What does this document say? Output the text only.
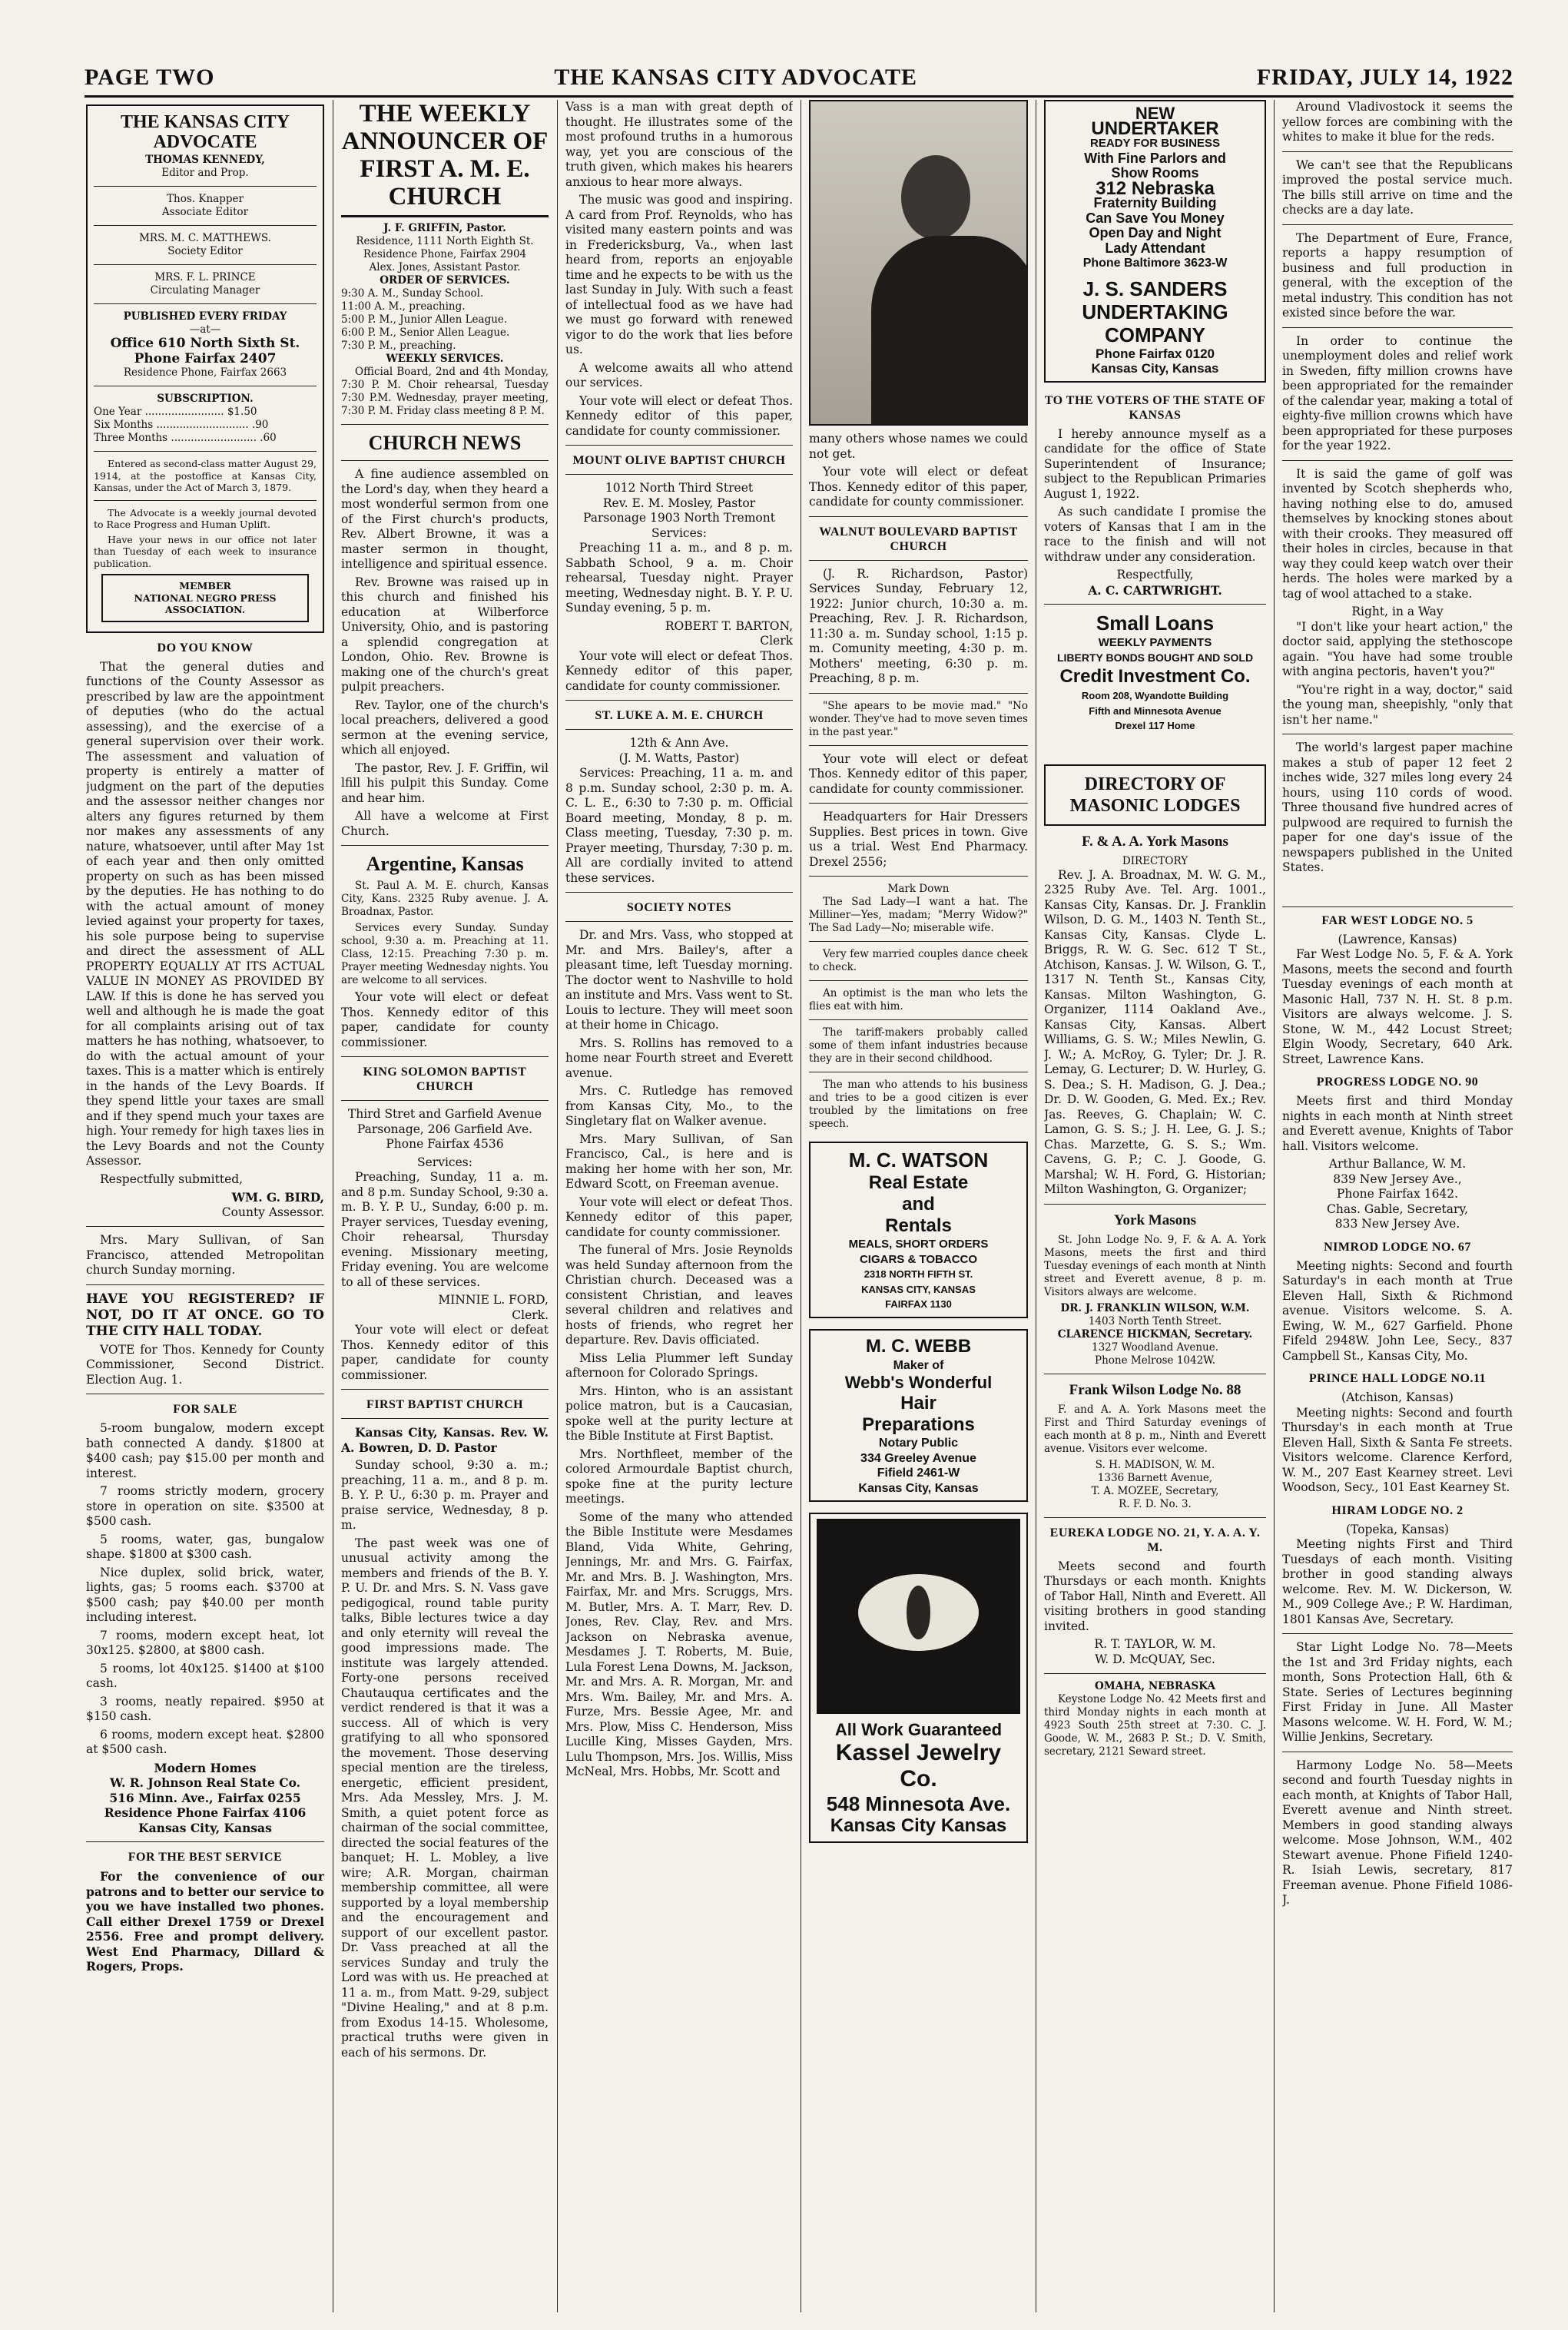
PAGE TWO	THE KANSAS CITY ADVOCATE	FRIDAY, JULY 14, 1922
THE KANSAS CITY ADVOCATE
THOMAS KENNEDY,
Editor and Prop.
Thos. Knapper
Associate Editor
MRS. M. C. MATTHEWS.
Society Editor
MRS. F. L. PRINCE
Circulating Manager
PUBLISHED EVERY FRIDAY
—at—
Office 610 North Sixth St.
Phone Fairfax 2407
Residence Phone, Fairfax 2663
SUBSCRIPTION.
One Year ........................ $1.50
Six Months ............................ .90
Three Months .......................... .60

Entered as second-class matter August 29, 1914, at the postoffice at Kansas City, Kansas, under the Act of March 3, 1879.

The Advocate is a weekly journal devoted to Race Progress and Human Uplift.

Have your news in our office not later than Tuesday of each week to insurance publication.

MEMBER
NATIONAL NEGRO PRESS ASSOCIATION.
DO YOU KNOW

That the general duties and functions of the County Assessor as prescribed by law are the appointment of deputies (who do the actual assessing), and the exercise of a general supervision over their work. The assessment and valuation of property is entirely a matter of judgment on the part of the deputies and the assessor neither changes nor alters any figures returned by them nor makes any assessments of any nature, whatsoever, until after May 1st of each year and then only omitted property on such as has been missed by the deputies. He has nothing to do with the actual amount of money levied against your property for taxes, his sole purpose being to supervise and direct the assessment of ALL PROPERTY EQUALLY AT ITS ACTUAL VALUE IN MONEY AS PROVIDED BY LAW. If this is done he has served you well and although he is made the goat for all complaints arising out of tax matters he has nothing, whatsoever, to do with the actual amount of your taxes. This is a matter which is entirely in the hands of the Levy Boards. If they spend little your taxes are small and if they spend much your taxes are high. Your remedy for high taxes lies in the Levy Boards and not the County Assessor.

Respectfully submitted,

WM. G. BIRD,
County Assessor.

Mrs. Mary Sullivan, of San Francisco, attended Metropolitan church Sunday morning.

HAVE YOU REGISTERED? IF NOT, DO IT AT ONCE. GO TO THE CITY HALL TODAY.

VOTE for Thos. Kennedy for County Commissioner, Second District. Election Aug. 1.

FOR SALE

5-room bungalow, modern except bath connected A dandy. $1800 at $400 cash; pay $15.00 per month and interest.

7 rooms strictly modern, grocery store in operation on site. $3500 at $500 cash.

5 rooms, water, gas, bungalow shape. $1800 at $300 cash.

Nice duplex, solid brick, water, lights, gas; 5 rooms each. $3700 at $500 cash; pay $40.00 per month including interest.

7 rooms, modern except heat, lot 30x125. $2800, at $800 cash.

5 rooms, lot 40x125. $1400 at $100 cash.

3 rooms, neatly repaired. $950 at $150 cash.

6 rooms, modern except heat. $2800 at $500 cash.

Modern Homes
W. R. Johnson Real State Co.
516 Minn. Ave., Fairfax 0255
Residence Phone Fairfax 4106
Kansas City, Kansas
FOR THE BEST SERVICE

For the convenience of our patrons and to better our service to you we have installed two phones. Call either Drexel 1759 or Drexel 2556. Free and prompt delivery. West End Pharmacy, Dillard & Rogers, Props.

THE WEEKLY ANNOUNCER OF FIRST A. M. E. CHURCH
J. F. GRIFFIN, Pastor.
Residence, 1111 North Eighth St.
Residence Phone, Fairfax 2904
Alex. Jones, Assistant Pastor.
ORDER OF SERVICES.
9:30 A. M., Sunday School.
11:00 A. M., preaching.
5:00 P. M., Junior Allen League.
6:00 P. M., Senior Allen League.
7:30 P. M., preaching.
WEEKLY SERVICES.

Official Board, 2nd and 4th Monday, 7:30 P. M. Choir rehearsal, Tuesday 7:30 P.M. Wednesday, prayer meeting, 7:30 P. M. Friday class meeting 8 P. M.

CHURCH NEWS

A fine audience assembled on the Lord's day, when they heard a most wonderful sermon from one of the First church's products, Rev. Albert Browne, it was a master sermon in thought, intelligence and spiritual essence.

Rev. Browne was raised up in this church and finished his education at Wilberforce University, Ohio, and is pastoring a splendid congregation at London, Ohio. Rev. Browne is making one of the church's great pulpit preachers.

Rev. Taylor, one of the church's local preachers, delivered a good sermon at the evening service, which all enjoyed.

The pastor, Rev. J. F. Griffin, wil lfill his pulpit this Sunday. Come and hear him.

All have a welcome at First Church.

Argentine, Kansas

St. Paul A. M. E. church, Kansas City, Kans. 2325 Ruby avenue. J. A. Broadnax, Pastor.

Services every Sunday. Sunday school, 9:30 a. m. Preaching at 11. Class, 12:15. Preaching 7:30 p. m. Prayer meeting Wednesday nights. You are welcome to all services.

Your vote will elect or defeat Thos. Kennedy editor of this paper, candidate for county commissioner.

KING SOLOMON BAPTIST CHURCH

Third Stret and Garfield Avenue Parsonage, 206 Garfield Ave. Phone Fairfax 4536

Services:

Preaching, Sunday, 11 a. m. and 8 p.m. Sunday School, 9:30 a. m. B. Y. P. U., Sunday, 6:00 p. m. Prayer services, Tuesday evening, Choir rehearsal, Thursday evening. Missionary meeting, Friday evening. You are welcome to all of these services.

MINNIE L. FORD,
Clerk.

Your vote will elect or defeat Thos. Kennedy editor of this paper, candidate for county commissioner.

FIRST BAPTIST CHURCH

Kansas City, Kansas. Rev. W. A. Bowren, D. D. Pastor

Sunday school, 9:30 a. m.; preaching, 11 a. m., and 8 p. m. B. Y. P. U., 6:30 p. m. Prayer and praise service, Wednesday, 8 p. m.

The past week was one of unusual activity among the members and friends of the B. Y. P. U. Dr. and Mrs. S. N. Vass gave pedigogical, round table purity talks, Bible lectures twice a day and only eternity will reveal the good impressions made. The institute was largely attended. Forty-one persons received Chautauqua certificates and the verdict rendered is that it was a success. All of which is very gratifying to all who sponsored the movement. Those deserving special mention are the tireless, energetic, efficient president, Mrs. Ada Messley, Mrs. J. M. Smith, a quiet potent force as chairman of the social committee, directed the social features of the banquet; H. L. Mobley, a live wire; A.R. Morgan, chairman membership committee, all were supported by a loyal membership and the encouragement and support of our excellent pastor. Dr. Vass preached at all the services Sunday and truly the Lord was with us. He preached at 11 a. m., from Matt. 9-29, subject "Divine Healing," and at 8 p.m. from Exodus 14-15. Wholesome, practical truths were given in each of his sermons. Dr.

Vass is a man with great depth of thought. He illustrates some of the most profound truths in a humorous way, yet you are conscious of the truth given, which makes his hearers anxious to hear more always.

The music was good and inspiring. A card from Prof. Reynolds, who has visited many eastern points and was in Fredericksburg, Va., when last heard from, reports an enjoyable time and he expects to be with us the last Sunday in July. With such a feast of intellectual food as we have had we must go forward with renewed vigor to do the work that lies before us.

A welcome awaits all who attend our services.

Your vote will elect or defeat Thos. Kennedy editor of this paper, candidate for county commissioner.

MOUNT OLIVE BAPTIST CHURCH
1012 North Third Street
Rev. E. M. Mosley, Pastor
Parsonage 1903 North Tremont
Services:

Preaching 11 a. m., and 8 p. m. Sabbath School, 9 a. m. Choir rehearsal, Tuesday night. Prayer meeting, Wednesday night. B. Y. P. U. Sunday evening, 5 p. m.

ROBERT T. BARTON,
Clerk

Your vote will elect or defeat Thos. Kennedy editor of this paper, candidate for county commissioner.

ST. LUKE A. M. E. CHURCH
12th & Ann Ave.
(J. M. Watts, Pastor)

Services: Preaching, 11 a. m. and 8 p.m. Sunday school, 2:30 p. m. A. C. L. E., 6:30 to 7:30 p. m. Official Board meeting, Monday, 8 p. m. Class meeting, Tuesday, 7:30 p. m. Prayer meeting, Thursday, 7:30 p. m. All are cordially invited to attend these services.

SOCIETY NOTES

Dr. and Mrs. Vass, who stopped at Mr. and Mrs. Bailey's, after a pleasant time, left Tuesday morning. The doctor went to Nashville to hold an institute and Mrs. Vass went to St. Louis to lecture. They will meet soon at their home in Chicago.

Mrs. S. Rollins has removed to a home near Fourth street and Everett avenue.

Mrs. C. Rutledge has removed from Kansas City, Mo., to the Singletary flat on Walker avenue.

Mrs. Mary Sullivan, of San Francisco, Cal., is here and is making her home with her son, Mr. Edward Scott, on Freeman avenue.

Your vote will elect or defeat Thos. Kennedy editor of this paper, candidate for county commissioner.

The funeral of Mrs. Josie Reynolds was held Sunday afternoon from the Christian church. Deceased was a consistent Christian, and leaves several children and relatives and hosts of friends, who regret her departure. Rev. Davis officiated.

Miss Lelia Plummer left Sunday afternoon for Colorado Springs.

Mrs. Hinton, who is an assistant police matron, but is a Caucasian, spoke well at the purity lecture at the Bible Institute at First Baptist.

Mrs. Northfleet, member of the colored Armourdale Baptist church, spoke fine at the purity lecture meetings.

Some of the many who attended the Bible Institute were Mesdames Bland, Vida White, Gehring, Jennings, Mr. and Mrs. G. Fairfax, Mr. and Mrs. B. J. Washington, Mrs. Fairfax, Mr. and Mrs. Scruggs, Mrs. M. Butler, Mrs. A. T. Marr, Rev. D. Jones, Rev. Clay, Rev. and Mrs. Jackson on Nebraska avenue, Mesdames J. T. Roberts, M. Buie, Lula Forest Lena Downs, M. Jackson, Mr. and Mrs. A. R. Morgan, Mr. and Mrs. Wm. Bailey, Mr. and Mrs. A. Furze, Mrs. Bessie Agee, Mr. and Mrs. Plow, Miss C. Henderson, Miss Lucille King, Misses Gayden, Mrs. Lulu Thompson, Mrs. Jos. Willis, Miss McNeal, Mrs. Hobbs, Mr. Scott and

many others whose names we could not get.

Your vote will elect or defeat Thos. Kennedy editor of this paper, candidate for county commissioner.

WALNUT BOULEVARD BAPTIST CHURCH

(J. R. Richardson, Pastor) Services Sunday, February 12, 1922: Junior church, 10:30 a. m. Preaching, Rev. J. R. Richardson, 11:30 a. m. Sunday school, 1:15 p. m. Comunity meeting, 4:30 p. m. Mothers' meeting, 6:30 p. m. Preaching, 8 p. m.

"She apears to be movie mad." "No wonder. They've had to move seven times in the past year."

Your vote will elect or defeat Thos. Kennedy editor of this paper, candidate for county commissioner.

Headquarters for Hair Dressers Supplies. Best prices in town. Give us a trial. West End Pharmacy. Drexel 2556;

Mark Down

The Sad Lady—I want a hat. The Milliner—Yes, madam; "Merry Widow?" The Sad Lady—No; miserable wife.

Very few married couples dance cheek to check.

An optimist is the man who lets the flies eat with him.

The tariff-makers probably called some of them infant industries because they are in their second childhood.

The man who attends to his business and tries to be a good citizen is ever troubled by the limitations on free speech.

M. C. WATSON
Real Estate
and
Rentals
MEALS, SHORT ORDERS
CIGARS & TOBACCO
2318 NORTH FIFTH ST.
KANSAS CITY, KANSAS
FAIRFAX 1130
M. C. WEBB
Maker of
Webb's Wonderful
Hair
Preparations
Notary Public
334 Greeley Avenue
Fifield 2461-W
Kansas City, Kansas
All Work Guaranteed
Kassel Jewelry Co.
548 Minnesota Ave.
Kansas City Kansas
NEW
UNDERTAKER
READY FOR BUSINESS
With Fine Parlors and
Show Rooms
312 Nebraska
Fraternity Building
Can Save You Money
Open Day and Night
Lady Attendant
Phone Baltimore 3623-W
J. S. SANDERS
UNDERTAKING
COMPANY
Phone Fairfax 0120
Kansas City, Kansas
TO THE VOTERS OF THE STATE OF KANSAS

I hereby announce myself as a candidate for the office of State Superintendent of Insurance; subject to the Republican Primaries August 1, 1922.

As such candidate I promise the voters of Kansas that I am in the race to the finish and will not withdraw under any consideration.

Respectfully,
A. C. CARTWRIGHT.
Small Loans
WEEKLY PAYMENTS
LIBERTY BONDS BOUGHT AND SOLD
Credit Investment Co.
Room 208, Wyandotte Building
Fifth and Minnesota Avenue
Drexel 117 Home
DIRECTORY OF MASONIC LODGES
F. & A. A. York Masons
DIRECTORY

Rev. J. A. Broadnax, M. W. G. M., 2325 Ruby Ave. Tel. Arg. 1001., Kansas City, Kansas. Dr. J. Franklin Wilson, D. G. M., 1403 N. Tenth St., Kansas City, Kansas. Clyde L. Briggs, R. W. G. Sec. 612 T St., Atchison, Kansas. J. W. Wilson, G. T., 1317 N. Tenth St., Kansas City, Kansas. Milton Washington, G. Organizer, 1114 Oakland Ave., Kansas City, Kansas. Albert Williams, G. S. W.; Miles Newlin, G. J. W.; A. McRoy, G. Tyler; Dr. J. R. Lemay, G. Lecturer; D. W. Hurley, G. S. Dea.; S. H. Madison, G. J. Dea.; Dr. D. W. Gooden, G. Med. Ex.; Rev. Jas. Reeves, G. Chaplain; W. C. Lamon, G. S. S.; J. H. Lee, G. J. S.; Chas. Marzette, G. S. S.; Wm. Cavens, G. P.; C. J. Goode, G. Marshal; W. H. Ford, G. Historian; Milton Washington, G. Organizer;

York Masons

St. John Lodge No. 9, F. & A. A. York Masons, meets the first and third Tuesday evenings of each month at Ninth street and Everett avenue, 8 p. m. Visitors always are welcome.

DR. J. FRANKLIN WILSON, W.M.
1403 North Tenth Street.
CLARENCE HICKMAN, Secretary.
1327 Woodland Avenue.
Phone Melrose 1042W.
Frank Wilson Lodge No. 88

F. and A. A. York Masons meet the First and Third Saturday evenings of each month at 8 p. m., Ninth and Everett avenue. Visitors ever welcome.

S. H. MADISON, W. M.
1336 Barnett Avenue,
T. A. MOZEE, Secretary,
R. F. D. No. 3.
EUREKA LODGE NO. 21, Y. A. A. Y. M.

Meets second and fourth Thursdays or each month. Knights of Tabor Hall, Ninth and Everett. All visiting brothers in good standing invited.

R. T. TAYLOR, W. M.
W. D. McQUAY, Sec.
OMAHA, NEBRASKA

Keystone Lodge No. 42 Meets first and third Monday nights in each month at 4923 South 25th street at 7:30. C. J. Goode, W. M., 2683 P. St.; D. V. Smith, secretary, 2121 Seward street.

Around Vladivostock it seems the yellow forces are combining with the whites to make it blue for the reds.

We can't see that the Republicans improved the postal service much. The bills still arrive on time and the checks are a day late.

The Department of Eure, France, reports a happy resumption of business and full production in general, with the exception of the metal industry. This condition has not existed since before the war.

In order to continue the unemployment doles and relief work in Sweden, fifty million crowns have been appropriated for the remainder of the calendar year, making a total of eighty-five million crowns which have been appropriated for these purposes for the year 1922.

It is said the game of golf was invented by Scotch shepherds who, having nothing else to do, amused themselves by knocking stones about with their crooks. They measured off their holes in circles, because in that way they could keep watch over their herds. The holes were marked by a tag of wool attached to a stake.

Right, in a Way

"I don't like your heart action," the doctor said, applying the stethoscope again. "You have had some trouble with angina pectoris, haven't you?"

"You're right in a way, doctor," said the young man, sheepishly, "only that isn't her name."

The world's largest paper machine makes a stub of paper 12 feet 2 inches wide, 327 miles long every 24 hours, using 110 cords of wood. Three thousand five hundred acres of pulpwood are required to furnish the paper for one day's issue of the newspapers published in the United States.

FAR WEST LODGE NO. 5
(Lawrence, Kansas)

Far West Lodge No. 5, F. & A. York Masons, meets the second and fourth Tuesday evenings of each month at Masonic Hall, 737 N. H. St. 8 p.m. Visitors are always welcome. J. S. Stone, W. M., 442 Locust Street; Elgin Woody, Secretary, 640 Ark. Street, Lawrence Kans.

PROGRESS LODGE NO. 90

Meets first and third Monday nights in each month at Ninth street and Everett avenue, Knights of Tabor hall. Visitors welcome.

Arthur Ballance, W. M.
839 New Jersey Ave.,
Phone Fairfax 1642.
Chas. Gable, Secretary,
833 New Jersey Ave.
NIMROD LODGE NO. 67

Meeting nights: Second and fourth Saturday's in each month at True Eleven Hall, Sixth & Richmond avenue. Visitors welcome. S. A. Ewing, W. M., 627 Garfield. Phone Fifeld 2948W. John Lee, Secy., 837 Campbell St., Kansas City, Mo.

PRINCE HALL LODGE NO.11
(Atchison, Kansas)

Meeting nights: Second and fourth Thursday's in each month at True Eleven Hall, Sixth & Santa Fe streets. Visitors welcome. Clarence Kerford, W. M., 207 East Kearney street. Levi Woodson, Secy., 101 East Kearney St.

HIRAM LODGE NO. 2
(Topeka, Kansas)

Meeting nights First and Third Tuesdays of each month. Visiting brother in good standing always welcome. Rev. M. W. Dickerson, W. M., 909 College Ave.; P. W. Hardiman, 1801 Kansas Ave, Secretary.

Star Light Lodge No. 78—Meets the 1st and 3rd Friday nights, each month, Sons Protection Hall, 6th & State. Series of Lectures beginning First Friday in June. All Master Masons welcome. W. H. Ford, W. M.; Willie Jenkins, Secretary.

Harmony Lodge No. 58—Meets second and fourth Tuesday nights in each month, at Knights of Tabor Hall, Everett avenue and Ninth street. Members in good standing always welcome. Mose Johnson, W.M., 402 Stewart avenue. Phone Fifield 1240-R. Isiah Lewis, secretary, 817 Freeman avenue. Phone Fifield 1086-J.
